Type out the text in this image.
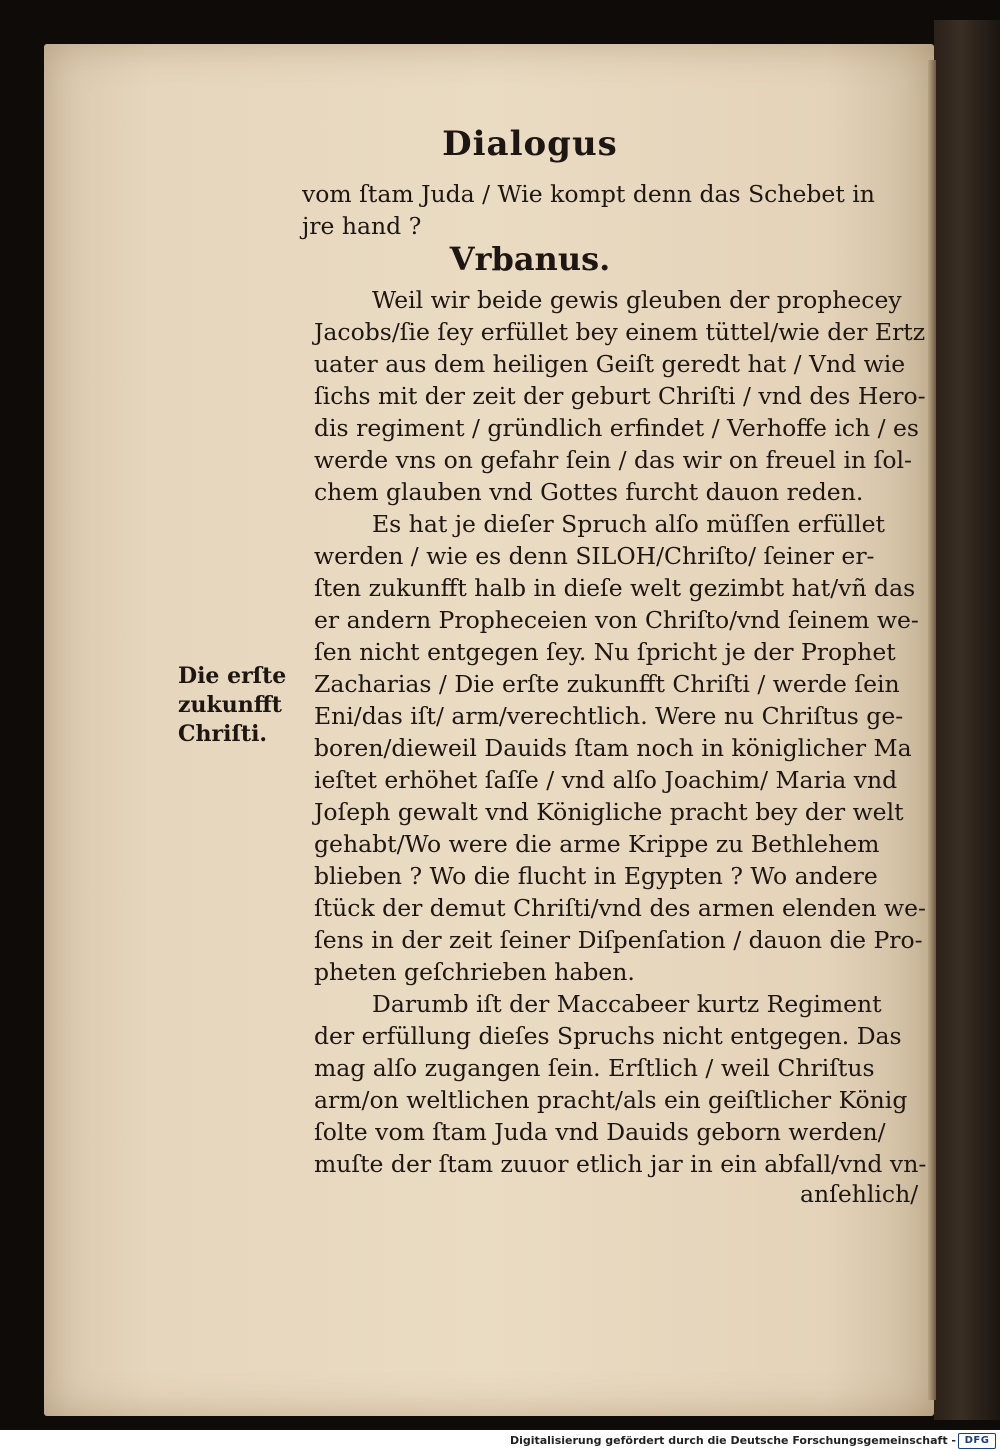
Dialogus
vom ſtam Juda / Wie kompt denn das Schebet in
jre hand ?
Vrbanus.
Weil wir beide gewis gleuben der prophecey
Jacobs/ſie ſey erfüllet bey einem tüttel/wie der Ertz
uater aus dem heiligen Geiſt geredt hat / Vnd wie
ſichs mit der zeit der geburt Chriſti / vnd des Hero-
dis regiment / gründlich erfindet / Verhoffe ich / es
werde vns on gefahr ſein / das wir on freuel in ſol-
chem glauben vnd Gottes furcht dauon reden.
Es hat je dieſer Spruch alſo müſſen erfüllet
werden / wie es denn SILOH/Chriſto/ ſeiner er-
ſten zukunfft halb in dieſe welt gezimbt hat/vñ das
er andern Propheceien von Chriſto/vnd ſeinem we-
ſen nicht entgegen ſey. Nu ſpricht je der Prophet
Zacharias / Die erſte zukunfft Chriſti / werde ſein
Eni/das iſt/ arm/verechtlich. Were nu Chriſtus ge-
boren/dieweil Dauids ſtam noch in königlicher Ma
ieſtet erhöhet ſaſſe / vnd alſo Joachim/ Maria vnd
Joſeph gewalt vnd Königliche pracht bey der welt
gehabt/Wo were die arme Krippe zu Bethlehem
blieben ? Wo die flucht in Egypten ? Wo andere
ſtück der demut Chriſti/vnd des armen elenden we-
ſens in der zeit ſeiner Diſpenſation / dauon die Pro-
pheten geſchrieben haben.
Darumb iſt der Maccabeer kurtz Regiment
der erfüllung dieſes Spruchs nicht entgegen. Das
mag alſo zugangen ſein. Erſtlich / weil Chriſtus
arm/on weltlichen pracht/als ein geiſtlicher König
ſolte vom ſtam Juda vnd Dauids geborn werden/
muſte der ſtam zuuor etlich jar in ein abfall/vnd vn-
anſehlich/
Die erſte
zukunfft
Chriſti.
Digitalisierung gefördert durch die Deutsche Forschungsgemeinschaft - DFG
